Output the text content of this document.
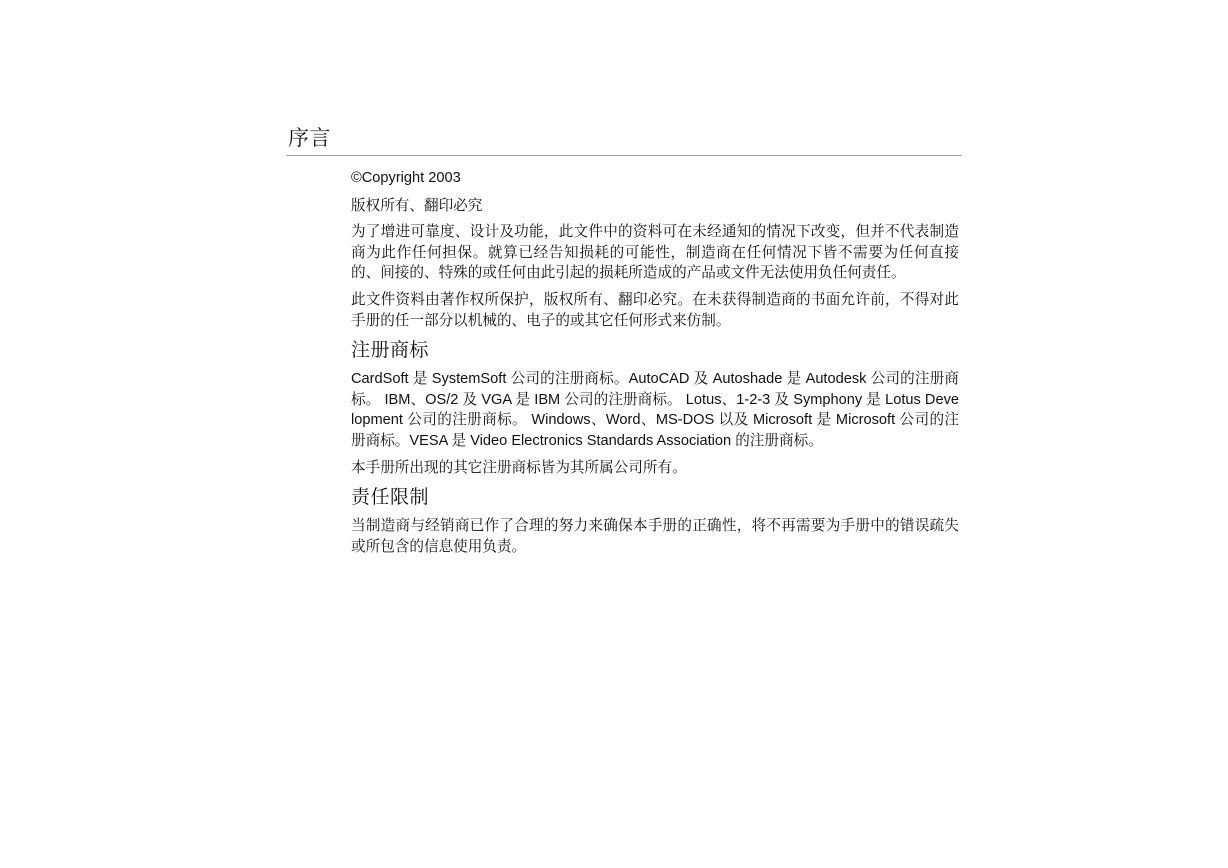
序言
©Copyright 2003

版权所有、翻印必究

为了增进可靠度、设计及功能，此文件中的资料可在未经通知的情况下改变，但并不代表制造商为此作任何担保。就算已经告知损耗的可能性，制造商在任何情况下皆不需要为任何直接的、间接的、特殊的或任何由此引起的损耗所造成的产品或文件无法使用负任何责任。

此文件资料由著作权所保护，版权所有、翻印必究。在未获得制造商的书面允许前，不得对此手册的任一部分以机械的、电子的或其它任何形式来仿制。

注册商标

CardSoft 是 SystemSoft 公司的注册商标。AutoCAD 及 Autoshade 是 Autodesk 公司的注册商标。 IBM、OS/2 及 VGA 是 IBM 公司的注册商标。 Lotus、1-2-3 及 Symphony 是 Lotus Development 公司的注册商标。 Windows、Word、MS-DOS 以及 Microsoft 是 Microsoft 公司的注册商标。VESA 是 Video Electronics Standards Association 的注册商标。

本手册所出现的其它注册商标皆为其所属公司所有。

责任限制

当制造商与经销商已作了合理的努力来确保本手册的正确性，将不再需要为手册中的错误疏失或所包含的信息使用负责。
